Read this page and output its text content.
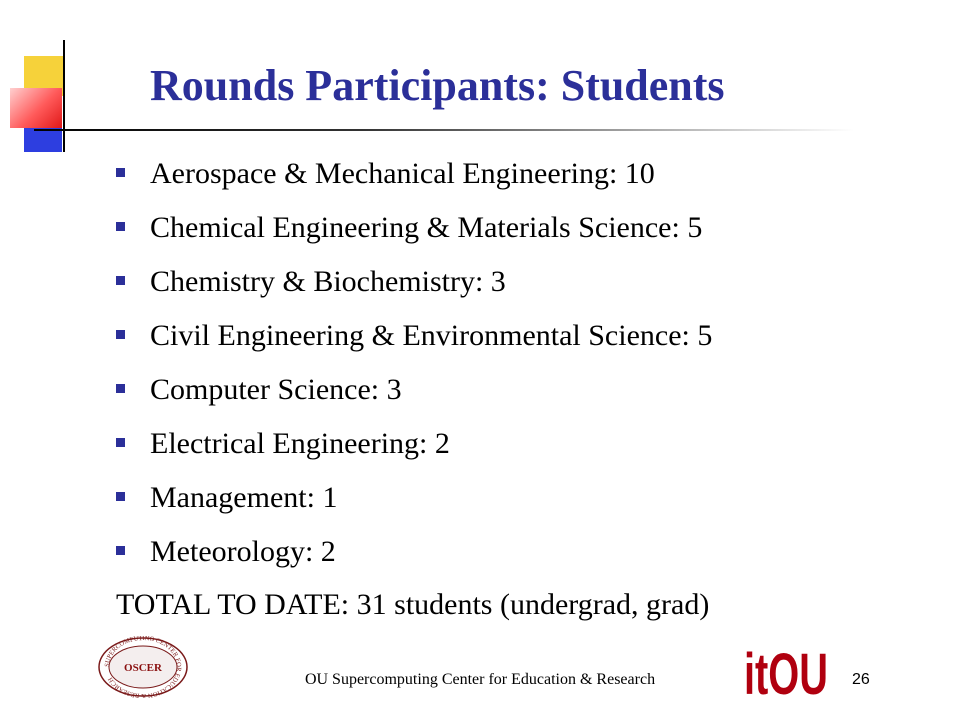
Rounds Participants: Students
Aerospace & Mechanical Engineering: 10
Chemical Engineering & Materials Science: 5
Chemistry & Biochemistry: 3
Civil Engineering & Environmental Science: 5
Computer Science: 3
Electrical Engineering: 2
Management: 1
Meteorology: 2

TOTAL TO DATE: 31 students (undergrad, grad)

SUPERCOMPUTING CENTER FOR EDUCATION & RESEARCH
OSCER
OU Supercomputing Center for Education & Research	itOU 26
